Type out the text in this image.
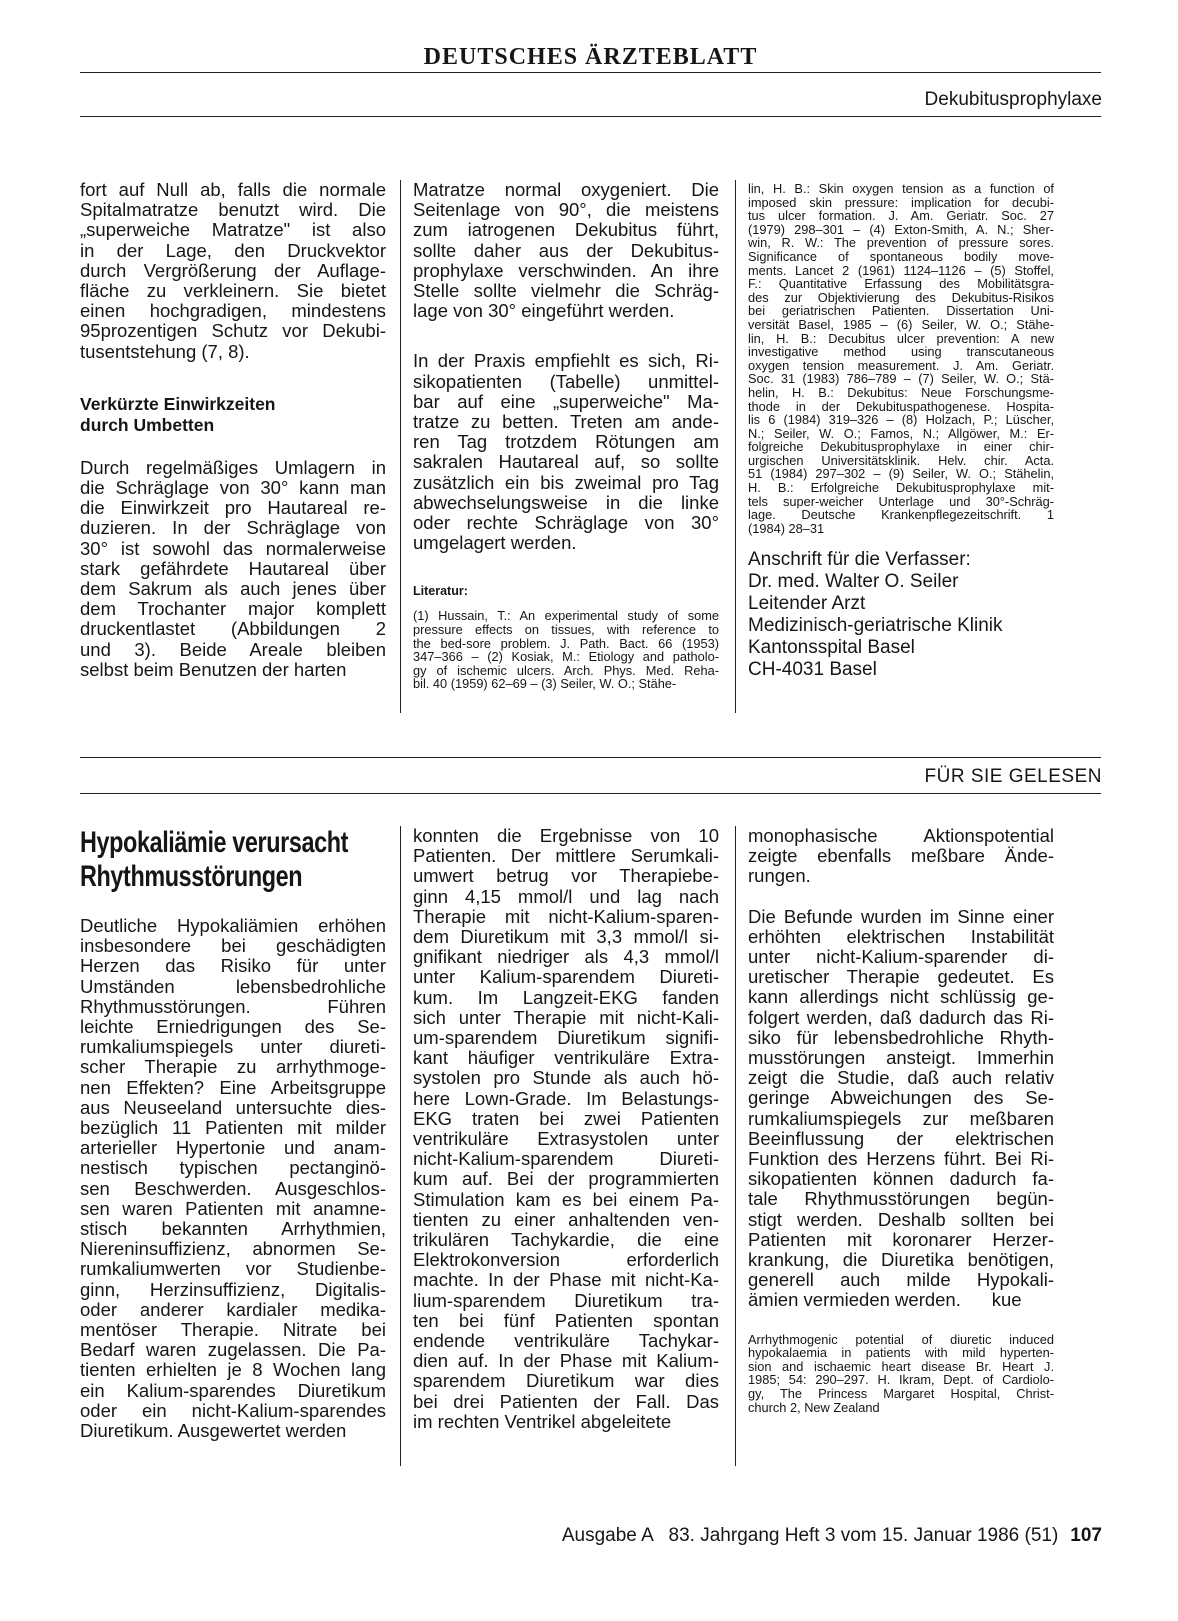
DEUTSCHES ÄRZTEBLATT
Dekubitusprophylaxe

fort auf Null ab, falls die normale
Spitalmatratze benutzt wird. Die
„superweiche Matratze" ist also
in der Lage, den Druckvektor
durch Vergrößerung der Auflage-
fläche zu verkleinern. Sie bietet
einen hochgradigen, mindestens
95prozentigen Schutz vor Dekubi-
tusentstehung (7, 8).

Verkürzte Einwirkzeiten
durch Umbetten

Durch regelmäßiges Umlagern in
die Schräglage von 30° kann man
die Einwirkzeit pro Hautareal re-
duzieren. In der Schräglage von
30° ist sowohl das normalerweise
stark gefährdete Hautareal über
dem Sakrum als auch jenes über
dem Trochanter major komplett
druckentlastet (Abbildungen 2
und 3). Beide Areale bleiben
selbst beim Benutzen der harten

Matratze normal oxygeniert. Die
Seitenlage von 90°, die meistens
zum iatrogenen Dekubitus führt,
sollte daher aus der Dekubitus-
prophylaxe verschwinden. An ihre
Stelle sollte vielmehr die Schräg-
lage von 30° eingeführt werden.

In der Praxis empfiehlt es sich, Ri-
sikopatienten (Tabelle) unmittel-
bar auf eine „superweiche" Ma-
tratze zu betten. Treten am ande-
ren Tag trotzdem Rötungen am
sakralen Hautareal auf, so sollte
zusätzlich ein bis zweimal pro Tag
abwechselungsweise in die linke
oder rechte Schräglage von 30°
umgelagert werden.

Literatur:
(1) Hussain, T.: An experimental study of some
pressure effects on tissues, with reference to
the bed-sore problem. J. Path. Bact. 66 (1953)
347–366 – (2) Kosiak, M.: Etiology and patholo-
gy of ischemic ulcers. Arch. Phys. Med. Reha-
bil. 40 (1959) 62–69 – (3) Seiler, W. O.; Stähe-
lin, H. B.: Skin oxygen tension as a function of
imposed skin pressure: implication for decubi-
tus ulcer formation. J. Am. Geriatr. Soc. 27
(1979) 298–301 – (4) Exton-Smith, A. N.; Sher-
win, R. W.: The prevention of pressure sores.
Significance of spontaneous bodily move-
ments. Lancet 2 (1961) 1124–1126 – (5) Stoffel,
F.: Quantitative Erfassung des Mobilitätsgra-
des zur Objektivierung des Dekubitus-Risikos
bei geriatrischen Patienten. Dissertation Uni-
versität Basel, 1985 – (6) Seiler, W. O.; Stähe-
lin, H. B.: Decubitus ulcer prevention: A new
investigative method using transcutaneous
oxygen tension measurement. J. Am. Geriatr.
Soc. 31 (1983) 786–789 – (7) Seiler, W. O.; Stä-
helin, H. B.: Dekubitus: Neue Forschungsme-
thode in der Dekubituspathogenese. Hospita-
lis 6 (1984) 319–326 – (8) Holzach, P.; Lüscher,
N.; Seiler, W. O.; Famos, N.; Allgöwer, M.: Er-
folgreiche Dekubitusprophylaxe in einer chir-
urgischen Universitätsklinik. Helv. chir. Acta.
51 (1984) 297–302 – (9) Seiler, W. O.; Stähelin,
H. B.: Erfolgreiche Dekubitusprophylaxe mit-
tels super-weicher Unterlage und 30°-Schräg-
lage. Deutsche Krankenpflegezeitschrift. 1
(1984) 28–31
Anschrift für die Verfasser:
Dr. med. Walter O. Seiler
Leitender Arzt
Medizinisch-geriatrische Klinik
Kantonsspital Basel
CH-4031 Basel
FÜR SIE GELESEN
Hypokaliämie verursacht
Rhythmusstörungen

Deutliche Hypokaliämien erhöhen
insbesondere bei geschädigten
Herzen das Risiko für unter
Umständen lebensbedrohliche
Rhythmusstörungen. Führen
leichte Erniedrigungen des Se-
rumkaliumspiegels unter diureti-
scher Therapie zu arrhythmoge-
nen Effekten? Eine Arbeitsgruppe
aus Neuseeland untersuchte dies-
bezüglich 11 Patienten mit milder
arterieller Hypertonie und anam-
nestisch typischen pectanginö-
sen Beschwerden. Ausgeschlos-
sen waren Patienten mit anamne-
stisch bekannten Arrhythmien,
Niereninsuffizienz, abnormen Se-
rumkaliumwerten vor Studienbe-
ginn, Herzinsuffizienz, Digitalis-
oder anderer kardialer medika-
mentöser Therapie. Nitrate bei
Bedarf waren zugelassen. Die Pa-
tienten erhielten je 8 Wochen lang
ein Kalium-sparendes Diuretikum
oder ein nicht-Kalium-sparendes
Diuretikum. Ausgewertet werden

konnten die Ergebnisse von 10
Patienten. Der mittlere Serumkali-
umwert betrug vor Therapiebe-
ginn 4,15 mmol/l und lag nach
Therapie mit nicht-Kalium-sparen-
dem Diuretikum mit 3,3 mmol/l si-
gnifikant niedriger als 4,3 mmol/l
unter Kalium-sparendem Diureti-
kum. Im Langzeit-EKG fanden
sich unter Therapie mit nicht-Kali-
um-sparendem Diuretikum signifi-
kant häufiger ventrikuläre Extra-
systolen pro Stunde als auch hö-
here Lown-Grade. Im Belastungs-
EKG traten bei zwei Patienten
ventrikuläre Extrasystolen unter
nicht-Kalium-sparendem Diureti-
kum auf. Bei der programmierten
Stimulation kam es bei einem Pa-
tienten zu einer anhaltenden ven-
trikulären Tachykardie, die eine
Elektrokonversion erforderlich
machte. In der Phase mit nicht-Ka-
lium-sparendem Diuretikum tra-
ten bei fünf Patienten spontan
endende ventrikuläre Tachykar-
dien auf. In der Phase mit Kalium-
sparendem Diuretikum war dies
bei drei Patienten der Fall. Das
im rechten Ventrikel abgeleitete

monophasische Aktionspotential
zeigte ebenfalls meßbare Ände-
rungen.

Die Befunde wurden im Sinne einer
erhöhten elektrischen Instabilität
unter nicht-Kalium-sparender di-
uretischer Therapie gedeutet. Es
kann allerdings nicht schlüssig ge-
folgert werden, daß dadurch das Ri-
siko für lebensbedrohliche Rhyth-
musstörungen ansteigt. Immerhin
zeigt die Studie, daß auch relativ
geringe Abweichungen des Se-
rumkaliumspiegels zur meßbaren
Beeinflussung der elektrischen
Funktion des Herzens führt. Bei Ri-
sikopatienten können dadurch fa-
tale Rhythmusstörungen begün-
stigt werden. Deshalb sollten bei
Patienten mit koronarer Herzer-
krankung, die Diuretika benötigen,
generell auch milde Hypokali-
ämien vermieden werden.      kue

Arrhythmogenic potential of diuretic induced
hypokalaemia in patients with mild hyperten-
sion and ischaemic heart disease Br. Heart J.
1985; 54: 290–297. H. Ikram, Dept. of Cardiolo-
gy, The Princess Margaret Hospital, Christ-
church 2, New Zealand
Ausgabe A   83. Jahrgang Heft 3 vom 15. Januar 1986 (51) 107
